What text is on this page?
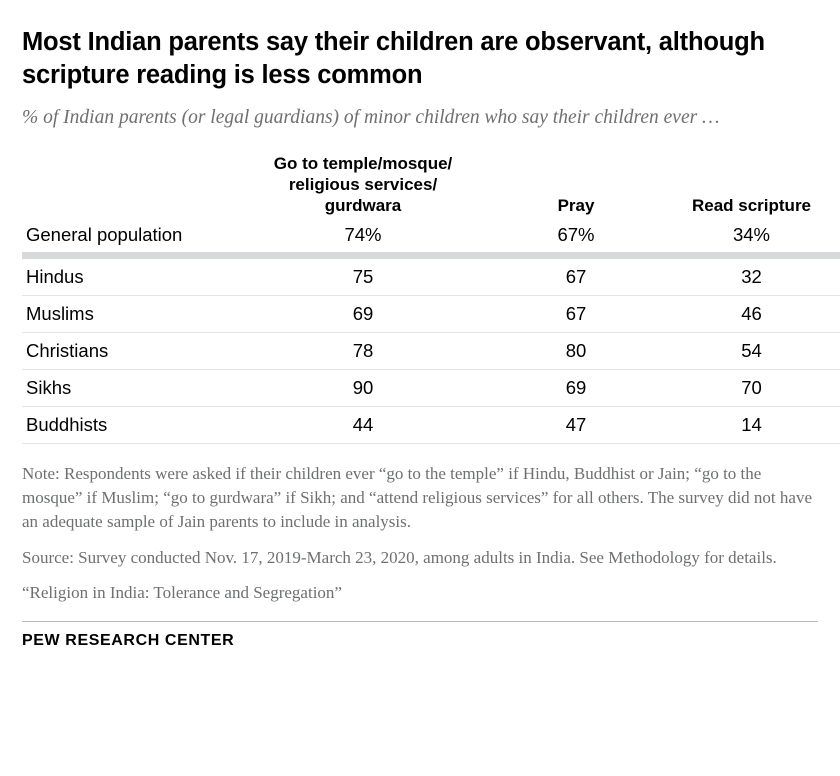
Most Indian parents say their children are observant, although scripture reading is less common
% of Indian parents (or legal guardians) of minor children who say their children ever …

	Go to temple/mosque/
religious services/
gurdwara	Pray	Read scripture
General population	74%	67%	34%

Hindus	75	67	32
Muslims	69	67	46
Christians	78	80	54
Sikhs	90	69	70
Buddhists	44	47	14

Note: Respondents were asked if their children ever “go to the temple” if Hindu, Buddhist or Jain; “go to the mosque” if Muslim; “go to gurdwara” if Sikh; and “attend religious services” for all others. The survey did not have an adequate sample of Jain parents to include in analysis.

Source: Survey conducted Nov. 17, 2019-March 23, 2020, among adults in India. See Methodology for details.

“Religion in India: Tolerance and Segregation”

PEW RESEARCH CENTER
